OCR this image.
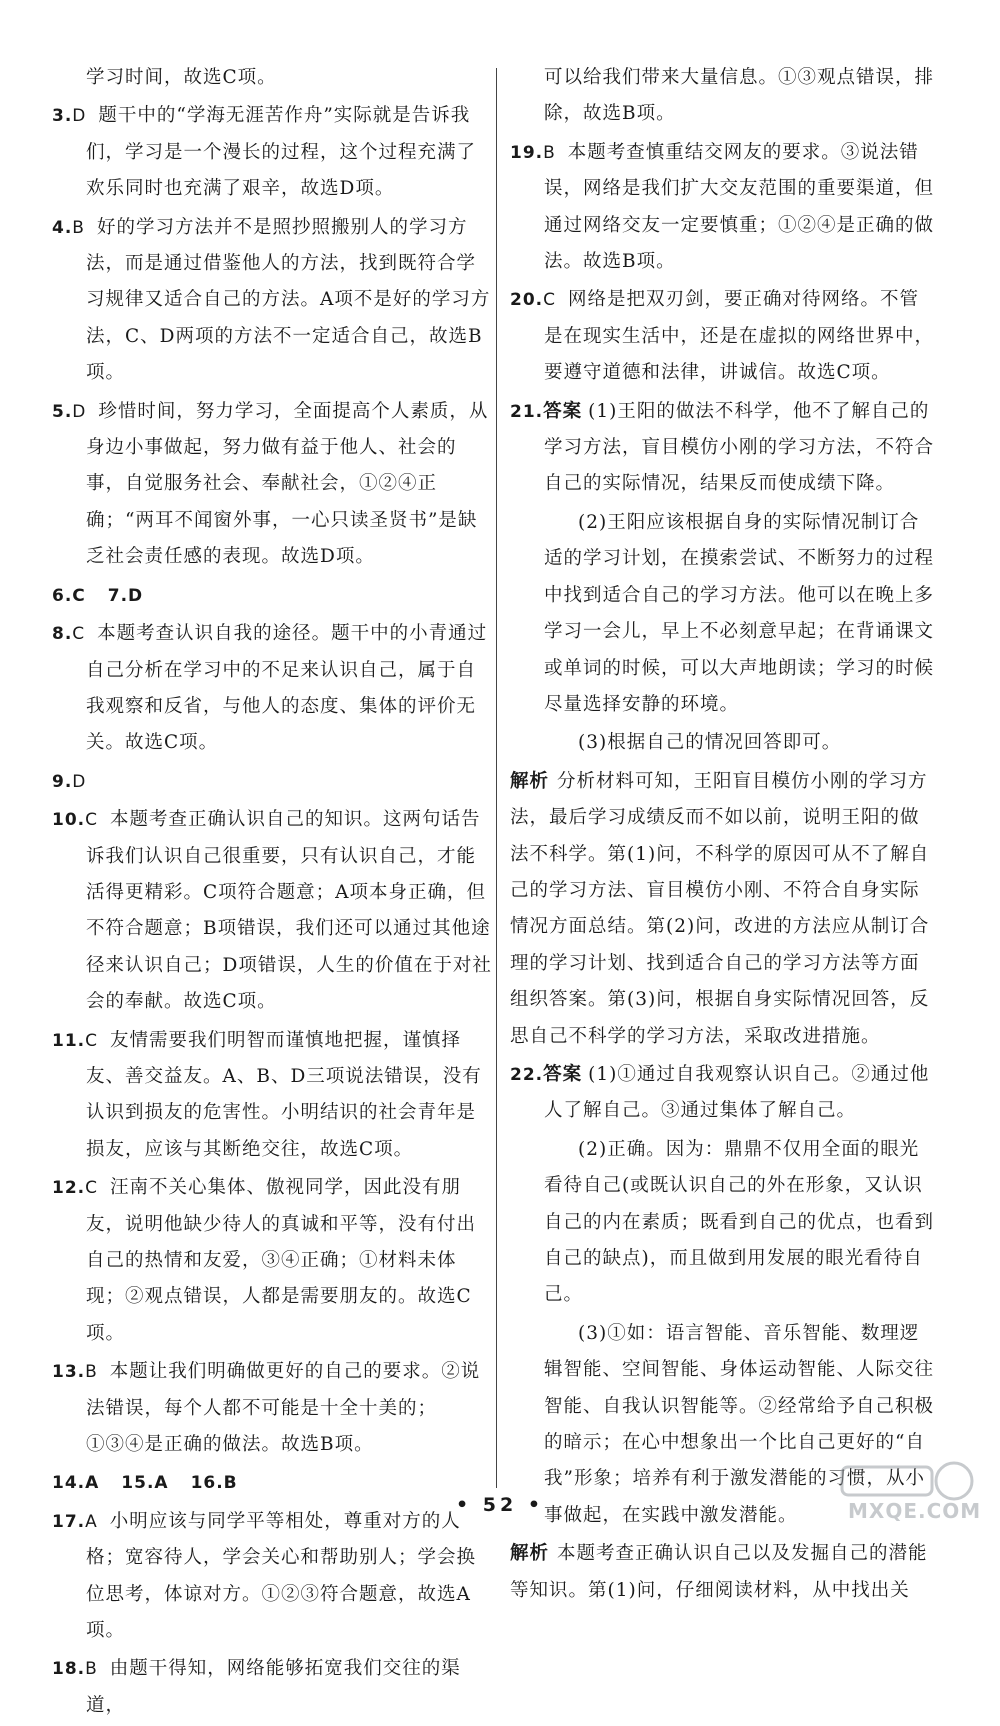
学习时间，故选C项。

3.D 题干中的“学海无涯苦作舟”实际就是告诉我们，学习是一个漫长的过程，这个过程充满了欢乐同时也充满了艰辛，故选D项。

4.B 好的学习方法并不是照抄照搬别人的学习方法，而是通过借鉴他人的方法，找到既符合学习规律又适合自己的方法。A项不是好的学习方法，C、D两项的方法不一定适合自己，故选B项。

5.D 珍惜时间，努力学习，全面提高个人素质，从身边小事做起，努力做有益于他人、社会的事，自觉服务社会、奉献社会，①②④正确；“两耳不闻窗外事，一心只读圣贤书”是缺乏社会责任感的表现。故选D项。

6.C 7.D

8.C 本题考查认识自我的途径。题干中的小青通过自己分析在学习中的不足来认识自己，属于自我观察和反省，与他人的态度、集体的评价无关。故选C项。

9.D

10.C 本题考查正确认识自己的知识。这两句话告诉我们认识自己很重要，只有认识自己，才能活得更精彩。C项符合题意；A项本身正确，但不符合题意；B项错误，我们还可以通过其他途径来认识自己；D项错误，人生的价值在于对社会的奉献。故选C项。

11.C 友情需要我们明智而谨慎地把握，谨慎择友、善交益友。A、B、D三项说法错误，没有认识到损友的危害性。小明结识的社会青年是损友，应该与其断绝交往，故选C项。

12.C 汪南不关心集体、傲视同学，因此没有朋友，说明他缺少待人的真诚和平等，没有付出自己的热情和友爱，③④正确；①材料未体现；②观点错误，人都是需要朋友的。故选C项。

13.B 本题让我们明确做更好的自己的要求。②说法错误，每个人都不可能是十全十美的；①③④是正确的做法。故选B项。

14.A 15.A 16.B

17.A 小明应该与同学平等相处，尊重对方的人格；宽容待人，学会关心和帮助别人；学会换位思考，体谅对方。①②③符合题意，故选A项。

18.B 由题干得知，网络能够拓宽我们交往的渠道，

可以给我们带来大量信息。①③观点错误，排除，故选B项。

19.B 本题考查慎重结交网友的要求。③说法错误，网络是我们扩大交友范围的重要渠道，但通过网络交友一定要慎重；①②④是正确的做法。故选B项。

20.C 网络是把双刃剑，要正确对待网络。不管是在现实生活中，还是在虚拟的网络世界中，要遵守道德和法律，讲诚信。故选C项。

21.答案 (1)王阳的做法不科学，他不了解自己的学习方法，盲目模仿小刚的学习方法，不符合自己的实际情况，结果反而使成绩下降。

(2)王阳应该根据自身的实际情况制订合适的学习计划，在摸索尝试、不断努力的过程中找到适合自己的学习方法。他可以在晚上多学习一会儿，早上不必刻意早起；在背诵课文或单词的时候，可以大声地朗读；学习的时候尽量选择安静的环境。

(3)根据自己的情况回答即可。

解析 分析材料可知，王阳盲目模仿小刚的学习方法，最后学习成绩反而不如以前，说明王阳的做法不科学。第(1)问，不科学的原因可从不了解自己的学习方法、盲目模仿小刚、不符合自身实际情况方面总结。第(2)问，改进的方法应从制订合理的学习计划、找到适合自己的学习方法等方面组织答案。第(3)问，根据自身实际情况回答，反思自己不科学的学习方法，采取改进措施。

22.答案 (1)①通过自我观察认识自己。②通过他人了解自己。③通过集体了解自己。

(2)正确。因为：鼎鼎不仅用全面的眼光看待自己(或既认识自己的外在形象，又认识自己的内在素质；既看到自己的优点，也看到自己的缺点)，而且做到用发展的眼光看待自己。

(3)①如：语言智能、音乐智能、数理逻辑智能、空间智能、身体运动智能、人际交往智能、自我认识智能等。②经常给予自己积极的暗示；在心中想象出一个比自己更好的“自我”形象；培养有利于激发潜能的习惯，从小事做起，在实践中激发潜能。

解析 本题考查正确认识自己以及发掘自己的潜能等知识。第(1)问，仔细阅读材料，从中找出关

• 52 •	MXQE.COM
